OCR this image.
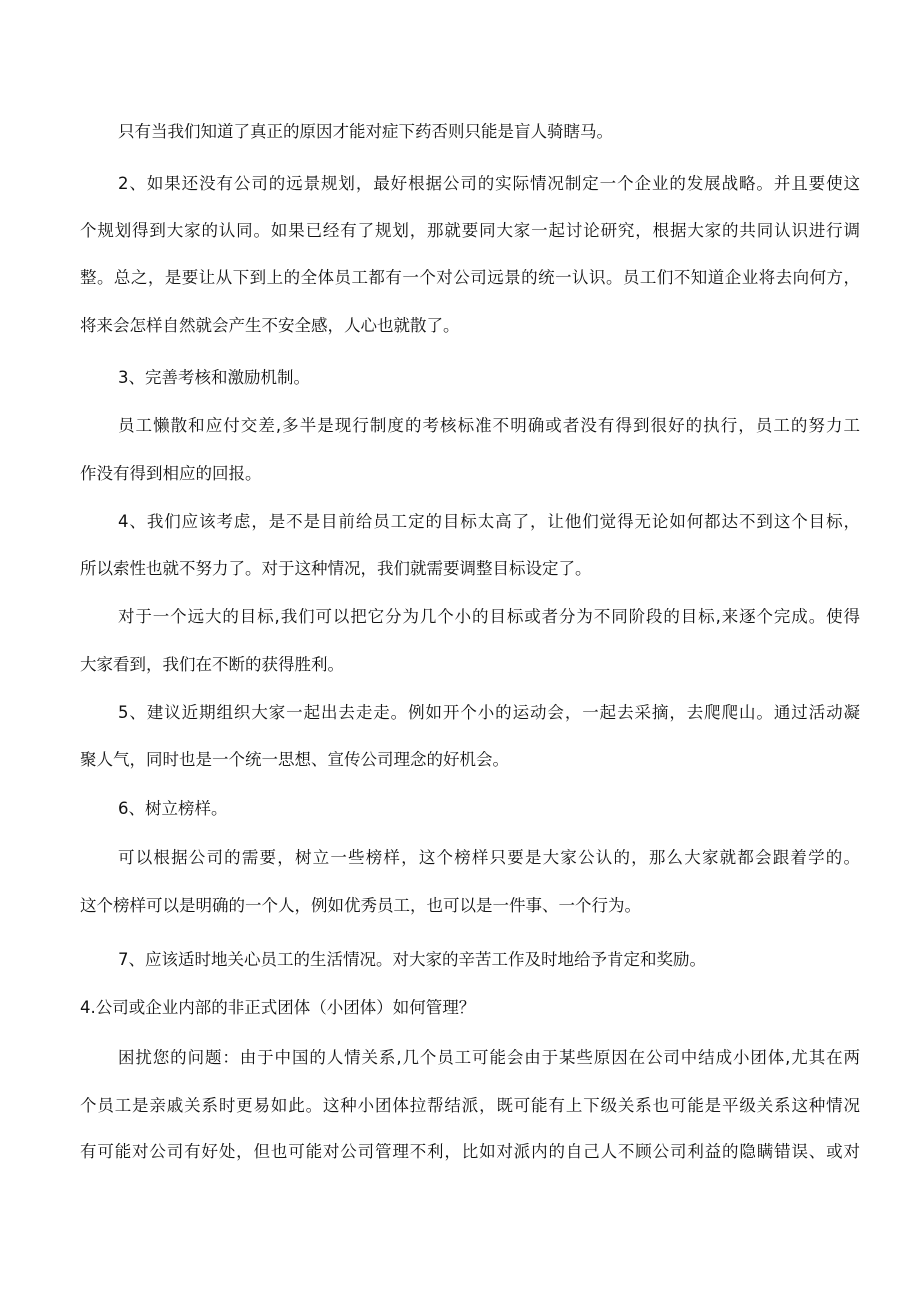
只有当我们知道了真正的原因才能对症下药否则只能是盲人骑瞎马。
2、如果还没有公司的远景规划，最好根据公司的实际情况制定一个企业的发展战略。并且要使这
个规划得到大家的认同。如果已经有了规划，那就要同大家一起讨论研究，根据大家的共同认识进行调
整。总之，是要让从下到上的全体员工都有一个对公司远景的统一认识。员工们不知道企业将去向何方，
将来会怎样自然就会产生不安全感，人心也就散了。
3、完善考核和激励机制。
员工懒散和应付交差,多半是现行制度的考核标准不明确或者没有得到很好的执行，员工的努力工
作没有得到相应的回报。
4、我们应该考虑，是不是目前给员工定的目标太高了，让他们觉得无论如何都达不到这个目标，
所以索性也就不努力了。对于这种情况，我们就需要调整目标设定了。
对于一个远大的目标,我们可以把它分为几个小的目标或者分为不同阶段的目标,来逐个完成。使得
大家看到，我们在不断的获得胜利。
5、建议近期组织大家一起出去走走。例如开个小的运动会，一起去采摘，去爬爬山。通过活动凝
聚人气，同时也是一个统一思想、宣传公司理念的好机会。
6、树立榜样。
可以根据公司的需要，树立一些榜样，这个榜样只要是大家公认的，那么大家就都会跟着学的。
这个榜样可以是明确的一个人，例如优秀员工，也可以是一件事、一个行为。
7、应该适时地关心员工的生活情况。对大家的辛苦工作及时地给予肯定和奖励。
4.公司或企业内部的非正式团体（小团体）如何管理？
困扰您的问题：由于中国的人情关系,几个员工可能会由于某些原因在公司中结成小团体,尤其在两
个员工是亲戚关系时更易如此。这种小团体拉帮结派，既可能有上下级关系也可能是平级关系这种情况
有可能对公司有好处，但也可能对公司管理不利，比如对派内的自己人不顾公司利益的隐瞒错误、或对
